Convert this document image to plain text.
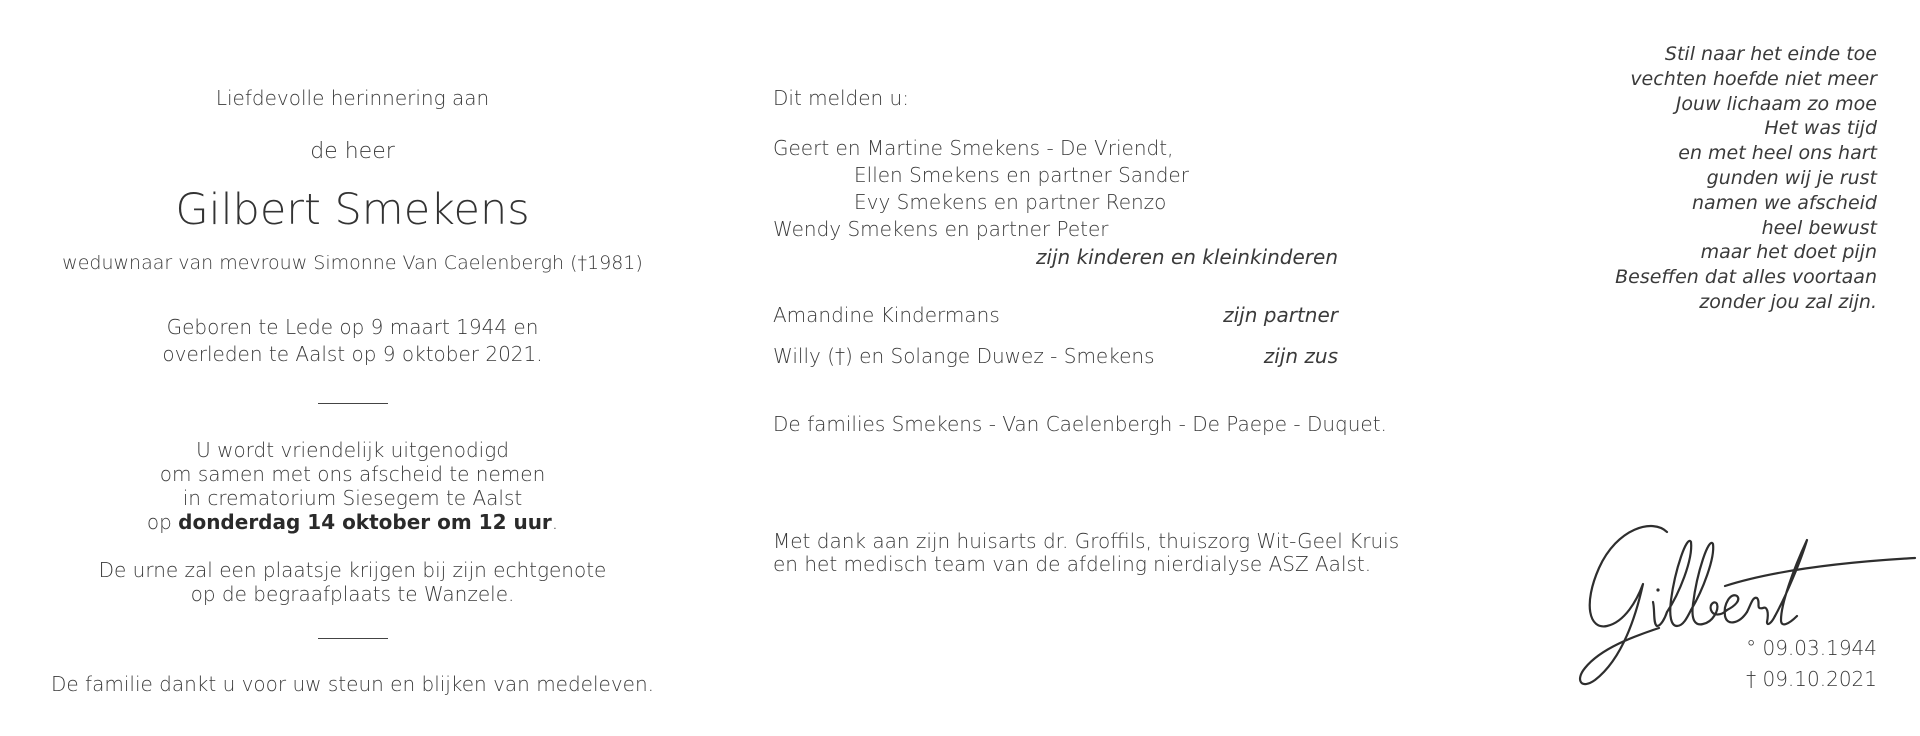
Liefdevolle herinnering aan
de heer
Gilbert Smekens
weduwnaar van mevrouw Simonne Van Caelenbergh (†1981)
Geboren te Lede op 9 maart 1944 en
overleden te Aalst op 9 oktober 2021.
U wordt vriendelijk uitgenodigd
om samen met ons afscheid te nemen
in crematorium Siesegem te Aalst
op donderdag 14 oktober om 12 uur.
De urne zal een plaatsje krijgen bij zijn echtgenote
op de begraafplaats te Wanzele.
De familie dankt u voor uw steun en blijken van medeleven.
Dit melden u:
Geert en Martine Smekens - De Vriendt,
Ellen Smekens en partner Sander
Evy Smekens en partner Renzo
Wendy Smekens en partner Peter
zijn kinderen en kleinkinderen
Amandine Kindermans	zijn partner
Willy (†) en Solange Duwez - Smekens	zijn zus
De families Smekens - Van Caelenbergh - De Paepe - Duquet.
Met dank aan zijn huisarts dr. Groffils, thuiszorg Wit-Geel Kruis
en het medisch team van de afdeling nierdialyse ASZ Aalst.
Stil naar het einde toe
vechten hoefde niet meer
Jouw lichaam zo moe
Het was tijd
en met heel ons hart
gunden wij je rust
namen we afscheid
heel bewust
maar het doet pijn
Beseffen dat alles voortaan
zonder jou zal zijn.
° 09.03.1944
† 09.10.2021
